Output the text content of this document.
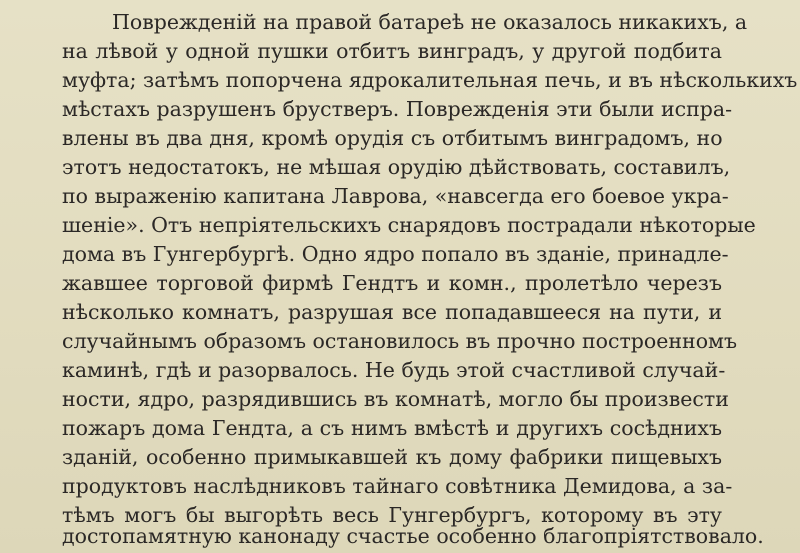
Поврежденій на правой батареѣ не оказалось никакихъ, а
на лѣвой у одной пушки отбитъ винградъ, у другой подбита
муфта; затѣмъ попорчена ядрокалительная печь, и въ нѣсколькихъ
мѣстахъ разрушенъ брустверъ. Поврежденія эти были испра-
влены въ два дня, кромѣ орудія съ отбитымъ винградомъ, но
этотъ недостатокъ, не мѣшая орудію дѣйствовать, составилъ,
по выраженію капитана Лаврова, «навсегда его боевое укра-
шеніе». Отъ непріятельскихъ снарядовъ пострадали нѣкоторые
дома въ Гунгербургѣ. Одно ядро попало въ зданіе, принадле-
жавшее торговой фирмѣ Гендтъ и комн., пролетѣло черезъ
нѣсколько комнатъ, разрушая все попадавшееся на пути, и
случайнымъ образомъ остановилось въ прочно построенномъ
каминѣ, гдѣ и разорвалось. Не будь этой счастливой случай-
ности, ядро, разрядившись въ комнатѣ, могло бы произвести
пожаръ дома Гендта, а съ нимъ вмѣстѣ и другихъ сосѣднихъ
зданій, особенно примыкавшей къ дому фабрики пищевыхъ
продуктовъ наслѣдниковъ тайнаго совѣтника Демидова, а за-
тѣмъ могъ бы выгорѣть весь Гунгербургъ, которому въ эту
достопамятную канонаду счастье особенно благопріятствовало.
